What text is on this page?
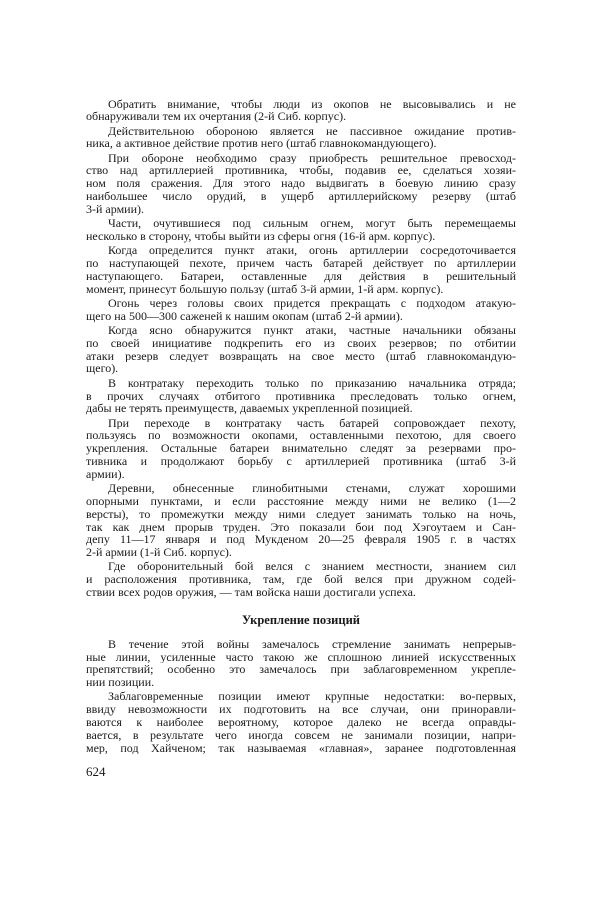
Обратить внимание, чтобы люди из окопов не высовывались и не
обнаруживали тем их очертания (2-й Сиб. корпус).
Действительною обороною является не пассивное ожидание против-
ника, а активное действие против него (штаб главнокомандующего).
При обороне необходимо сразу приобресть решительное превосход-
ство над артиллерией противника, чтобы, подавив ее, сделаться хозяи-
ном поля сражения. Для этого надо выдвигать в боевую линию сразу
наибольшее число орудий, в ущерб артиллерийскому резерву (штаб
3-й армии).
Части, очутившиеся под сильным огнем, могут быть перемещаемы
несколько в сторону, чтобы выйти из сферы огня (16-й арм. корпус).
Когда определится пункт атаки, огонь артиллерии сосредоточивается
по наступающей пехоте, причем часть батарей действует по артиллерии
наступающего. Батареи, оставленные для действия в решительный
момент, принесут большую пользу (штаб 3-й армии, 1-й арм. корпус).
Огонь через головы своих придется прекращать с подходом атакую-
щего на 500—300 саженей к нашим окопам (штаб 2-й армии).
Когда ясно обнаружится пункт атаки, частные начальники обязаны
по своей инициативе подкрепить его из своих резервов; по отбитии
атаки резерв следует возвращать на свое место (штаб главнокомандую-
щего).
В контратаку переходить только по приказанию начальника отряда;
в прочих случаях отбитого противника преследовать только огнем,
дабы не терять преимуществ, даваемых укрепленной позицией.
При переходе в контратаку часть батарей сопровождает пехоту,
пользуясь по возможности окопами, оставленными пехотою, для своего
укрепления. Остальные батареи внимательно следят за резервами про-
тивника и продолжают борьбу с артиллерией противника (штаб 3-й
армии).
Деревни, обнесенные глинобитными стенами, служат хорошими
опорными пунктами, и если расстояние между ними не велико (1—2
версты), то промежутки между ними следует занимать только на ночь,
так как днем прорыв труден. Это показали бои под Хэгоутаем и Сан-
депу 11—17 января и под Мукденом 20—25 февраля 1905 г. в частях
2-й армии (1-й Сиб. корпус).
Где оборонительный бой велся с знанием местности, знанием сил
и расположения противника, там, где бой велся при дружном содей-
ствии всех родов оружия, — там войска наши достигали успеха.
Укрепление позиций
В течение этой войны замечалось стремление занимать непрерыв-
ные линии, усиленные часто такою же сплошною линией искусственных
препятствий; особенно это замечалось при заблаговременном укрепле-
нии позиции.
Заблаговременные позиции имеют крупные недостатки: во-первых,
ввиду невозможности их подготовить на все случаи, они приноравли-
ваются к наиболее вероятному, которое далеко не всегда оправды-
вается, в результате чего иногда совсем не занимали позиции, напри-
мер, под Хайченом; так называемая «главная», заранее подготовленная
624
